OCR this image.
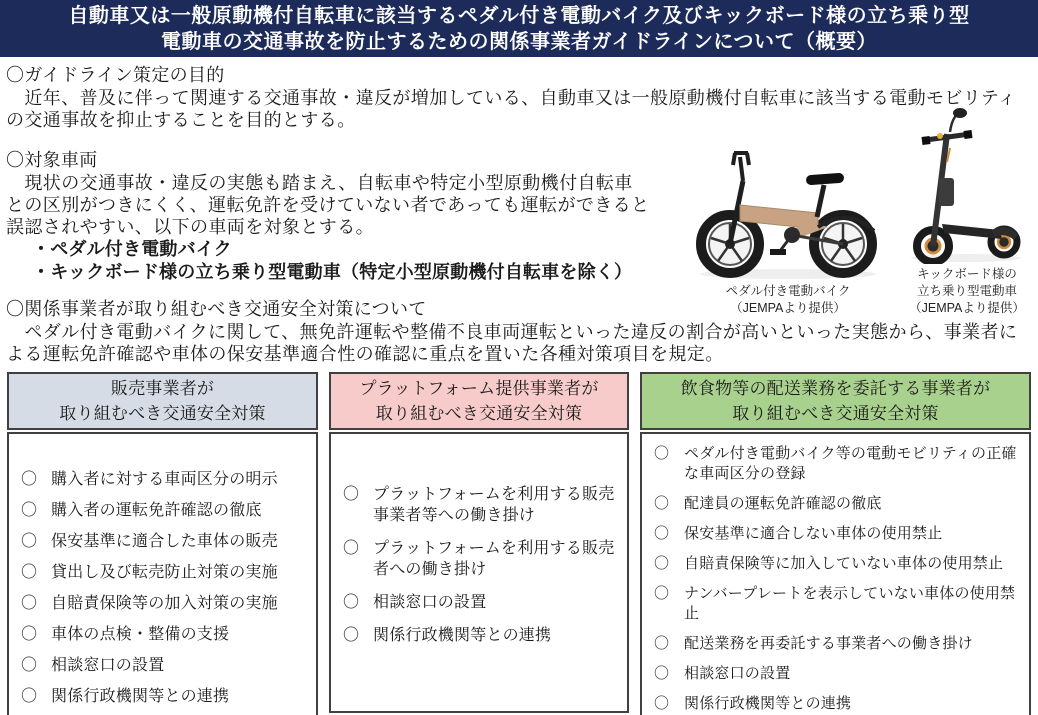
自動車又は一般原動機付自転車に該当するペダル付き電動バイク及びキックボード様の立ち乗り型
電動車の交通事故を防止するための関係事業者ガイドラインについて（概要）
〇ガイドライン策定の目的
　近年、普及に伴って関連する交通事故・違反が増加している、自動車又は一般原動機付自転車に該当する電動モビリティ
の交通事故を抑止することを目的とする。
〇対象車両
　現状の交通事故・違反の実態も踏まえ、自転車や特定小型原動機付自転車
との区別がつきにくく、運転免許を受けていない者であっても運転ができると
誤認されやすい、以下の車両を対象とする。
・ペダル付き電動バイク
・キックボード様の立ち乗り型電動車（特定小型原動機付自転車を除く）
〇関係事業者が取り組むべき交通安全対策について
　ペダル付き電動バイクに関して、無免許運転や整備不良車両運転といった違反の割合が高いといった実態から、事業者に
よる運転免許確認や車体の保安基準適合性の確認に重点を置いた各種対策項目を規定。
ペダル付き電動バイク
（JEMPAより提供）
キックボード様の
立ち乗り型電動車
（JEMPAより提供）
販売事業者が
取り組むべき交通安全対策
〇 購入者に対する車両区分の明示
〇 購入者の運転免許確認の徹底
〇 保安基準に適合した車体の販売
〇 貸出し及び転売防止対策の実施
〇 自賠責保険等の加入対策の実施
〇 車体の点検・整備の支援
〇 相談窓口の設置
〇 関係行政機関等との連携
プラットフォーム提供事業者が
取り組むべき交通安全対策
〇 プラットフォームを利用する販売事業者等への働き掛け
〇 プラットフォームを利用する販売者への働き掛け
〇 相談窓口の設置
〇 関係行政機関等との連携
飲食物等の配送業務を委託する事業者が
取り組むべき交通安全対策
〇 ペダル付き電動バイク等の電動モビリティの正確な車両区分の登録
〇 配達員の運転免許確認の徹底
〇 保安基準に適合しない車体の使用禁止
〇 自賠責保険等に加入していない車体の使用禁止
〇 ナンバープレートを表示していない車体の使用禁止
〇 配送業務を再委託する事業者への働き掛け
〇 相談窓口の設置
〇 関係行政機関等との連携
